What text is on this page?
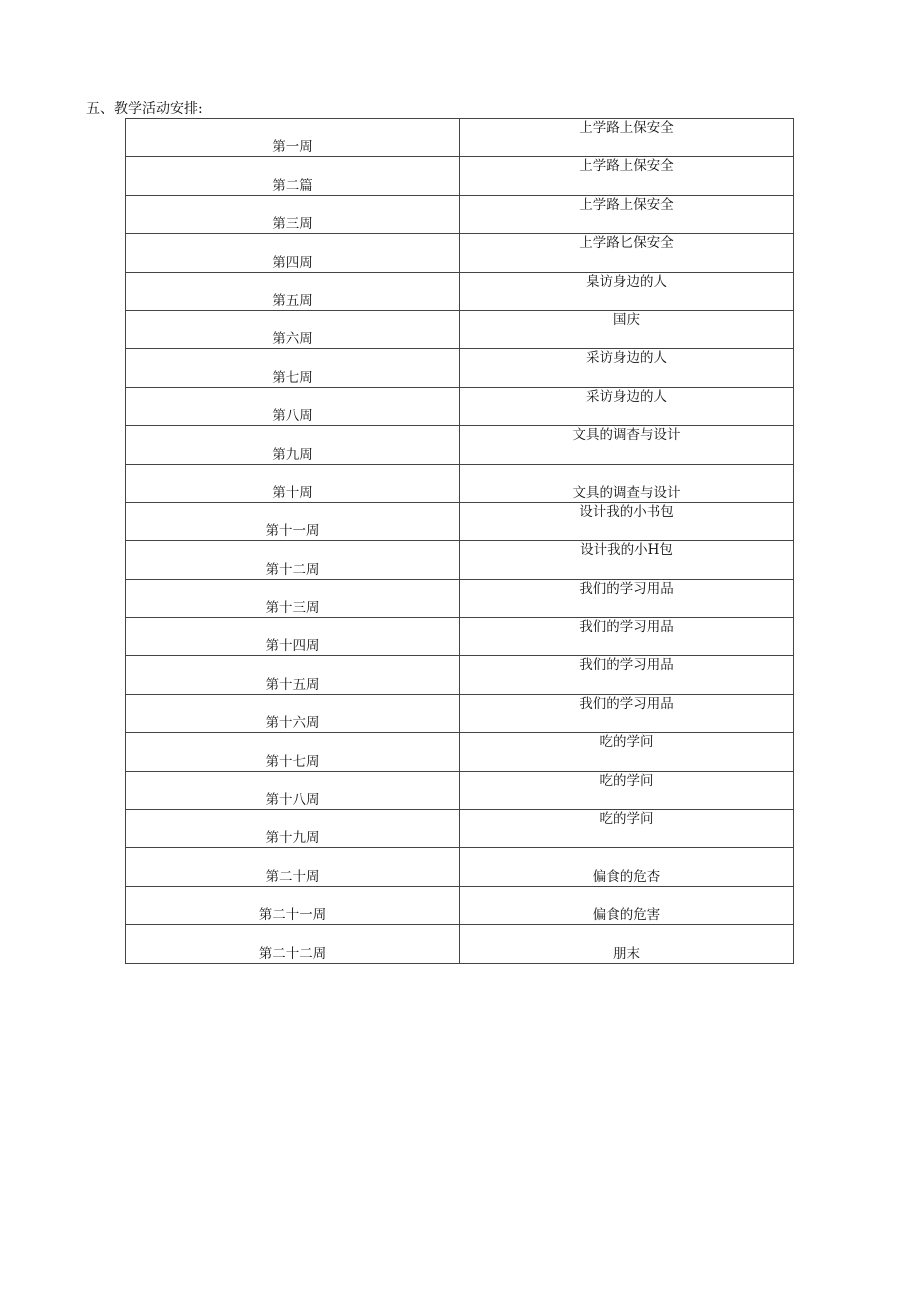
五、教学活动安排:
第一周	上学路上保安全
第二篇	上学路上保安全
第三周	上学路上保安全
第四周	上学路匕保安全
第五周	臬访身边的人
第六周	国庆
第七周	采访身边的人
第八周	采访身边的人
第九周	文具的调杳与设计
第十周	文具的调查与设计
第十一周	设计我的小书包
第十二周	设计我的小H包
第十三周	我们的学习用品
第十四周	我们的学习用品
第十五周	我们的学习用品
第十六周	我们的学习用品
第十七周	吃的学问
第十八周	吃的学问
第十九周	吃的学问
第二十周	偏食的危杏
第二十一周	偏食的危害
第二十二周	朋末
